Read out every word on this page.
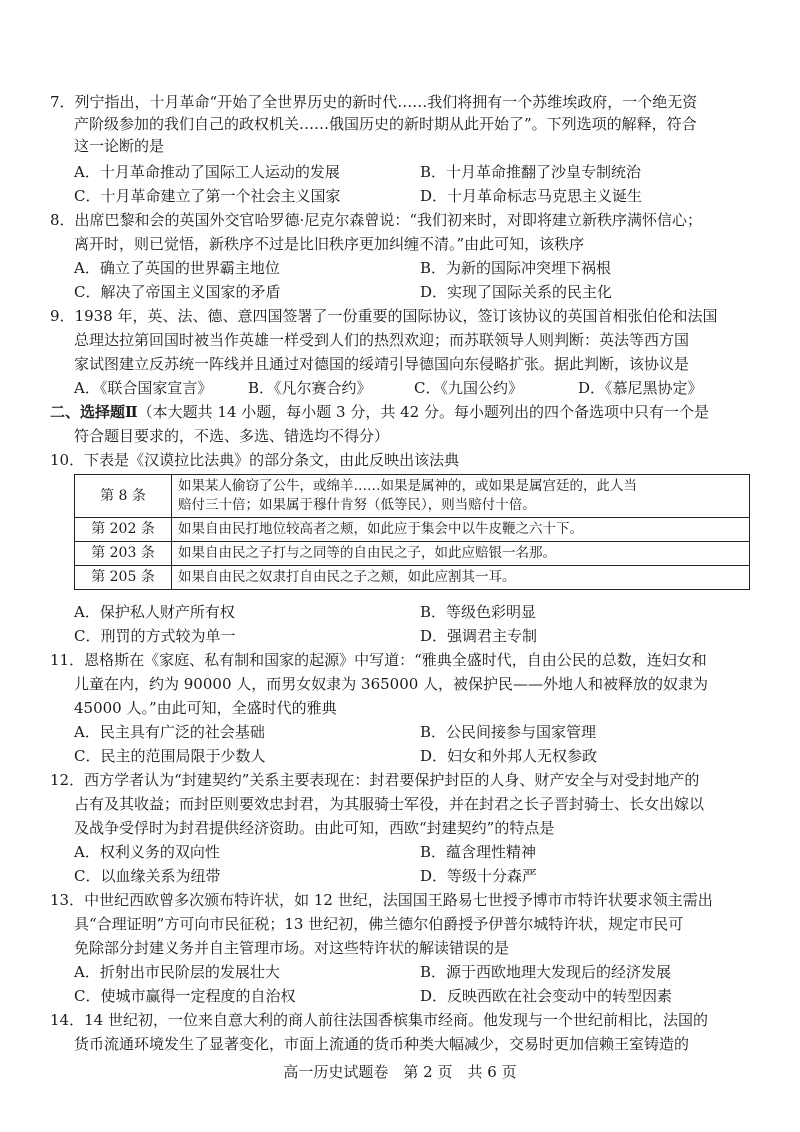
7．列宁指出，十月革命“开始了全世界历史的新时代……我们将拥有一个苏维埃政府，一个绝无资
产阶级参加的我们自己的政权机关……俄国历史的新时期从此开始了”。下列选项的解释，符合
这一论断的是
A．十月革命推动了国际工人运动的发展	B．十月革命推翻了沙皇专制统治
C．十月革命建立了第一个社会主义国家	D．十月革命标志马克思主义诞生
8．出席巴黎和会的英国外交官哈罗德·尼克尔森曾说：“我们初来时，对即将建立新秩序满怀信心；
离开时，则已觉悟，新秩序不过是比旧秩序更加纠缠不清。”由此可知，该秩序
A．确立了英国的世界霸主地位	B．为新的国际冲突埋下祸根
C．解决了帝国主义国家的矛盾	D．实现了国际关系的民主化
9．1938 年，英、法、德、意四国签署了一份重要的国际协议，签订该协议的英国首相张伯伦和法国
总理达拉第回国时被当作英雄一样受到人们的热烈欢迎；而苏联领导人则判断：英法等西方国
家试图建立反苏统一阵线并且通过对德国的绥靖引导德国向东侵略扩张。据此判断，该协议是
A．《联合国家宣言》 B．《凡尔赛合约》	C．《九国公约》	D．《慕尼黑协定》
二、选择题Ⅱ（本大题共 14 小题，每小题 3 分，共 42 分。每小题列出的四个备选项中只有一个是
符合题目要求的，不选、多选、错选均不得分）
10．下表是《汉谟拉比法典》的部分条文，由此反映出该法典
第 8 条	如果某人偷窃了公牛，或绵羊……如果是属神的，或如果是属宫廷的，此人当
赔付三十倍；如果属于穆什肯努（低等民），则当赔付十倍。

第 202 条	如果自由民打地位较高者之颊，如此应于集会中以牛皮鞭之六十下。
第 203 条	如果自由民之子打与之同等的自由民之子，如此应赔银一名那。
第 205 条	如果自由民之奴隶打自由民之子之颊，如此应割其一耳。
A．保护私人财产所有权	B．等级色彩明显
C．刑罚的方式较为单一	D．强调君主专制
11．恩格斯在《家庭、私有制和国家的起源》中写道：“雅典全盛时代，自由公民的总数，连妇女和
儿童在内，约为 90000 人，而男女奴隶为 365000 人，被保护民——外地人和被释放的奴隶为
45000 人。”由此可知，全盛时代的雅典
A．民主具有广泛的社会基础	B．公民间接参与国家管理
C．民主的范围局限于少数人	D．妇女和外邦人无权参政
12．西方学者认为“封建契约”关系主要表现在：封君要保护封臣的人身、财产安全与对受封地产的
占有及其收益；而封臣则要效忠封君，为其服骑士军役，并在封君之长子晋封骑士、长女出嫁以
及战争受俘时为封君提供经济资助。由此可知，西欧“封建契约”的特点是
A．权利义务的双向性	B．蕴含理性精神
C．以血缘关系为纽带	D．等级十分森严
13．中世纪西欧曾多次颁布特许状，如 12 世纪，法国国王路易七世授予博市市特许状要求领主需出
具“合理证明”方可向市民征税；13 世纪初，佛兰德尔伯爵授予伊普尔城特许状，规定市民可
免除部分封建义务并自主管理市场。对这些特许状的解读错误的是
A．折射出市民阶层的发展壮大	B．源于西欧地理大发现后的经济发展
C．使城市赢得一定程度的自治权	D．反映西欧在社会变动中的转型因素
14．14 世纪初，一位来自意大利的商人前往法国香槟集市经商。他发现与一个世纪前相比，法国的
货币流通环境发生了显著变化，市面上流通的货币种类大幅减少，交易时更加信赖王室铸造的
高一历史试题卷　第 2 页　共 6 页
